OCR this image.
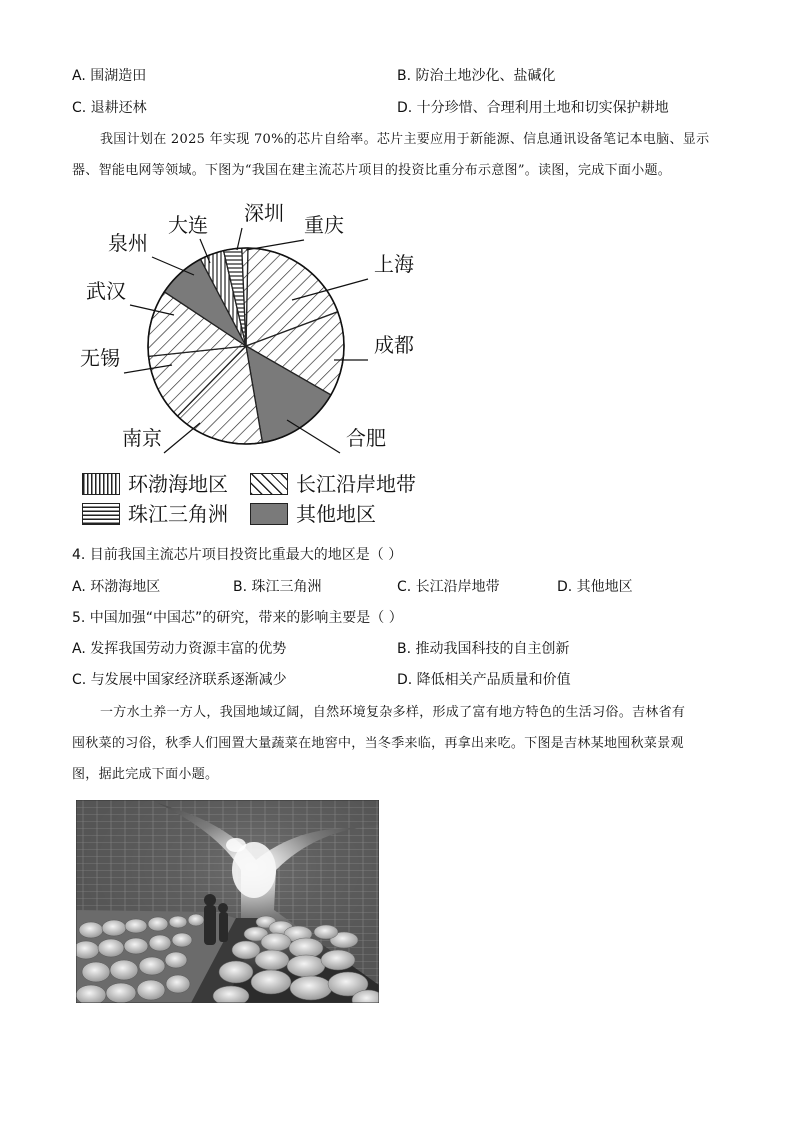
A. 围湖造田	B. 防治土地沙化、盐碱化
C. 退耕还林	D. 十分珍惜、合理利用土地和切实保护耕地
我国计划在 2025 年实现 70%的芯片自给率。芯片主要应用于新能源、信息通讯设备笔记本电脑、显示
器、智能电网等领域。下图为“我国在建主流芯片项目的投资比重分布示意图”。读图，完成下面小题。
上海
成都
合肥
南京
无锡
武汉
泉州
大连 深圳 重庆
环渤海地区	长江沿岸地带
珠江三角洲	其他地区
4. 目前我国主流芯片项目投资比重最大的地区是（ ）
A. 环渤海地区	B. 珠江三角洲	C. 长江沿岸地带	D. 其他地区
5. 中国加强“中国芯”的研究，带来的影响主要是（ ）
A. 发挥我国劳动力资源丰富的优势	B. 推动我国科技的自主创新
C. 与发展中国家经济联系逐渐减少	D. 降低相关产品质量和价值
一方水土养一方人，我国地域辽阔，自然环境复杂多样，形成了富有地方特色的生活习俗。吉林省有
囤秋菜的习俗，秋季人们囤置大量蔬菜在地窖中，当冬季来临，再拿出来吃。下图是吉林某地囤秋菜景观
图，据此完成下面小题。
